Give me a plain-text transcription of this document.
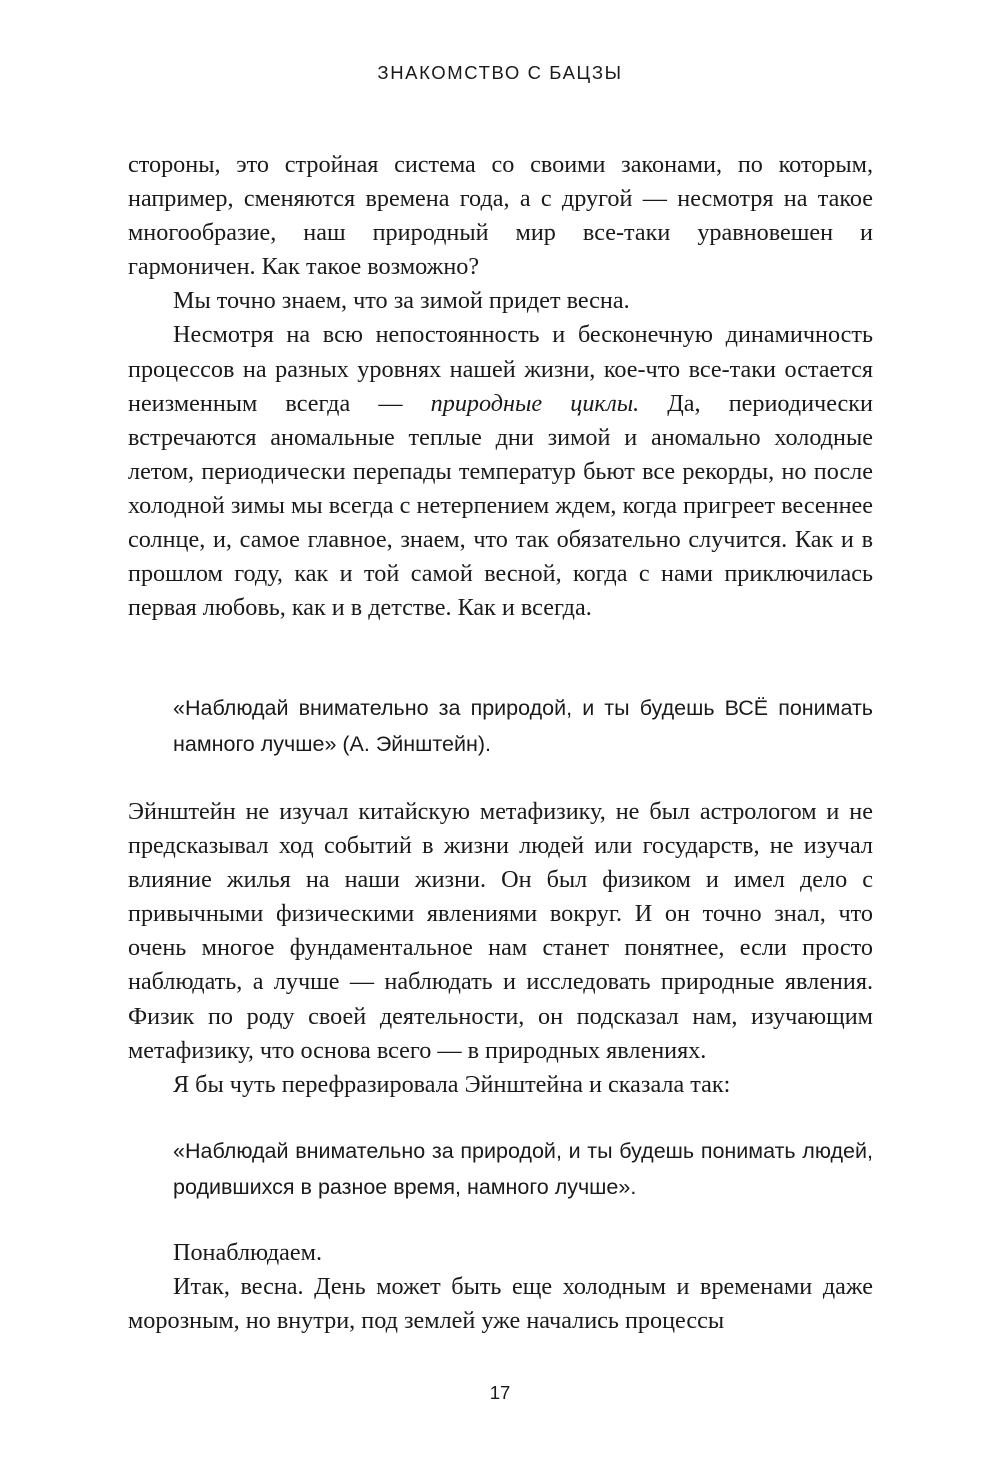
ЗНАКОМСТВО С БАЦЗЫ

стороны, это стройная система со своими законами, по которым, например, сменяются времена года, а с другой — несмотря на такое многообразие, наш природный мир все-таки уравновешен и гармоничен. Как такое возможно?

Мы точно знаем, что за зимой придет весна.

Несмотря на всю непостоянность и бесконечную динамичность процессов на разных уровнях нашей жизни, кое-что все-таки остается неизменным всегда — природные циклы. Да, периодически встречаются аномальные теплые дни зимой и аномально холодные летом, периодически перепады температур бьют все рекорды, но после холодной зимы мы всегда с нетерпением ждем, когда пригреет весеннее солнце, и, самое главное, знаем, что так обязательно случится. Как и в прошлом году, как и той самой весной, когда с нами приключилась первая любовь, как и в детстве. Как и всегда.

«Наблюдай внимательно за природой, и ты будешь ВСЁ понимать намного лучше» (А. Эйнштейн).

Эйнштейн не изучал китайскую метафизику, не был астрологом и не предсказывал ход событий в жизни людей или государств, не изучал влияние жилья на наши жизни. Он был физиком и имел дело с привычными физическими явлениями вокруг. И он точно знал, что очень многое фундаментальное нам станет понятнее, если просто наблюдать, а лучше — наблюдать и исследовать природные явления. Физик по роду своей деятельности, он подсказал нам, изучающим метафизику, что основа всего — в природных явлениях.

Я бы чуть перефразировала Эйнштейна и сказала так:

«Наблюдай внимательно за природой, и ты будешь понимать людей, родившихся в разное время, намного лучше».

Понаблюдаем.

Итак, весна. День может быть еще холодным и временами даже морозным, но внутри, под землей уже начались процессы

17
